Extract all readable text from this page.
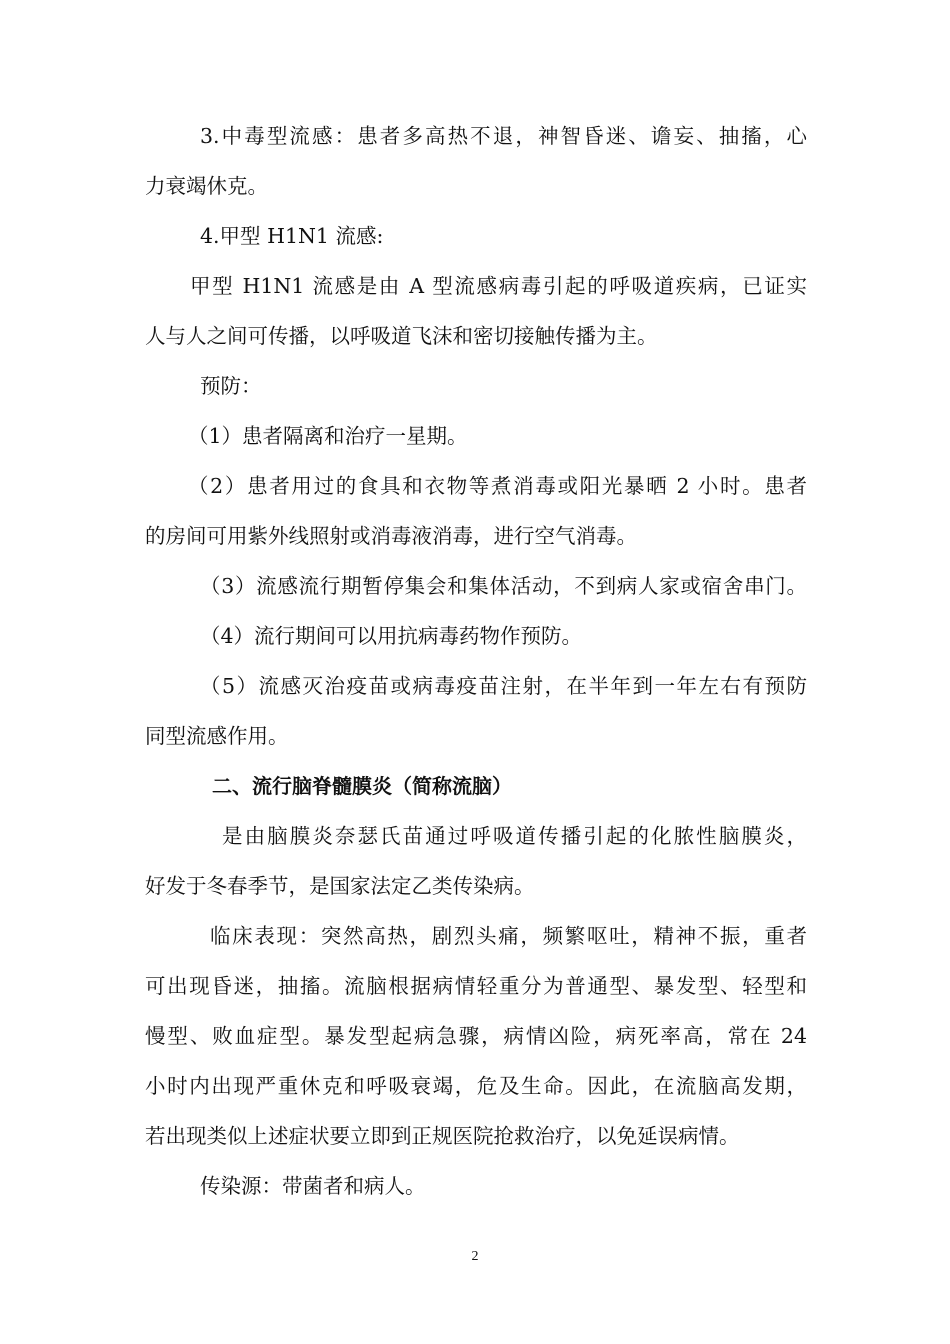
3.中毒型流感：患者多高热不退，神智昏迷、谵妄、抽搐，心
力衰竭休克。
4.甲型 H1N1 流感:
甲型 H1N1 流感是由 A 型流感病毒引起的呼吸道疾病，已证实
人与人之间可传播，以呼吸道飞沫和密切接触传播为主。
预防：
（1）患者隔离和治疗一星期。
（2）患者用过的食具和衣物等煮消毒或阳光暴晒 2 小时。患者
的房间可用紫外线照射或消毒液消毒，进行空气消毒。
（3）流感流行期暂停集会和集体活动，不到病人家或宿舍串门。
（4）流行期间可以用抗病毒药物作预防。
（5）流感灭治疫苗或病毒疫苗注射，在半年到一年左右有预防
同型流感作用。
二、流行脑脊髓膜炎（简称流脑）
是由脑膜炎奈瑟氏苗通过呼吸道传播引起的化脓性脑膜炎，
好发于冬春季节，是国家法定乙类传染病。
临床表现：突然高热，剧烈头痛，频繁呕吐，精神不振，重者
可出现昏迷，抽搐。流脑根据病情轻重分为普通型、暴发型、轻型和
慢型、败血症型。暴发型起病急骤，病情凶险，病死率高，常在 24
小时内出现严重休克和呼吸衰竭，危及生命。因此，在流脑高发期，
若出现类似上述症状要立即到正规医院抢救治疗，以免延误病情。
传染源：带菌者和病人。
2
